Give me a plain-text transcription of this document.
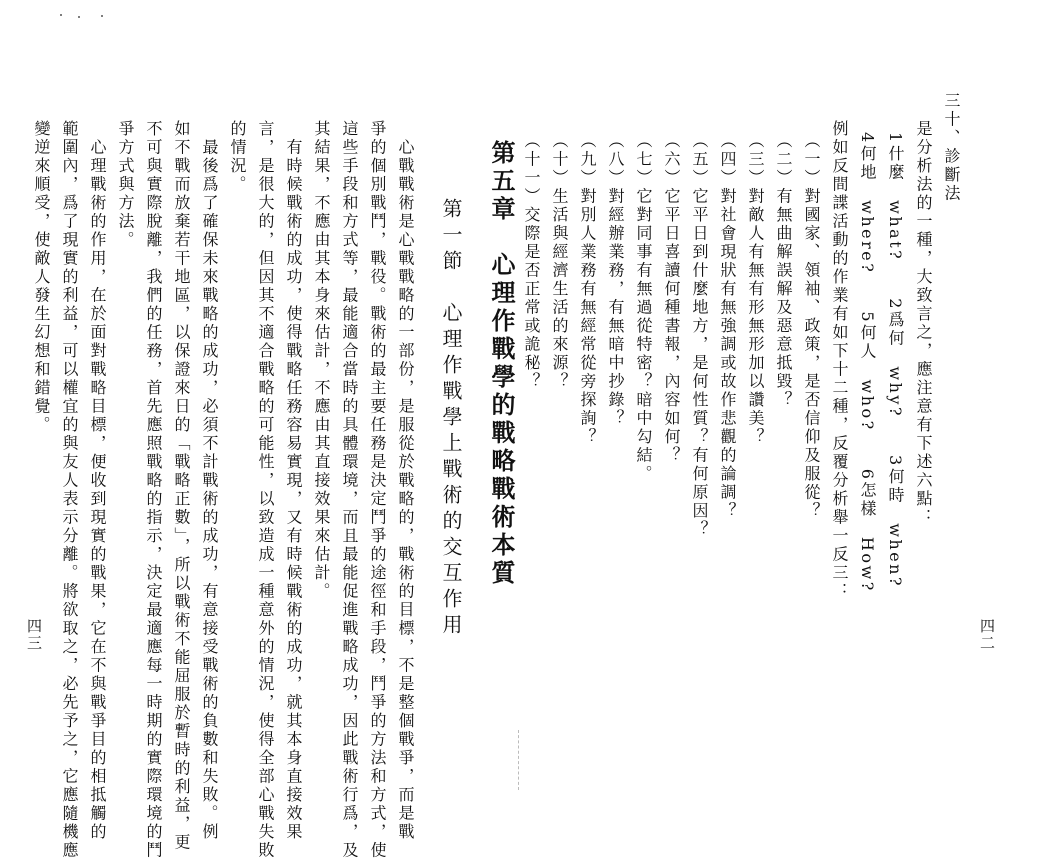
三十、診斷法
是分析法的一種，大致言之，應注意有下述六點：
1什麼　what?　　2爲何　why?　　3何時　when?
4何地　where?　　5何人　who?　　6怎樣　How?
例如反間諜活動的作業有如下十二種，反覆分析舉一反三：
（一）對國家、領袖、政策，是否信仰及服從？
（二）有無曲解誤解及惡意抵毀？
（三）對敵人有無有形無形加以讚美？
（四）對社會現狀有無強調或故作悲觀的論調？
（五）它平日到什麼地方，是何性質？有何原因？
（六）它平日喜讀何種書報，內容如何？
（七）它對同事有無過從特密？暗中勾結。
（八）對經辦業務，有無暗中抄錄？
（九）對別人業務有無經常從旁探詢？
（十）生活與經濟生活的來源？
（十一）交際是否正常或詭秘？
四二
第五章　心理作戰學的戰略戰術本質
第一節　心理作戰學上戰術的交互作用
　心戰戰術是心戰戰略的一部份，是服從於戰略的，戰術的目標，不是整個戰爭，而是戰
爭的個別戰鬥，戰役。戰術的最主要任務是決定鬥爭的途徑和手段，鬥爭的方法和方式，使
這些手段和方式等，最能適合當時的具體環境，而且最能促進戰略成功，因此戰術行爲，及
其結果，不應由其本身來估計，不應由其直接效果來估計。
　有時候戰術的成功，使得戰略任務容易實現，又有時候戰術的成功，就其本身直接效果
言，是很大的，但因其不適合戰略的可能性，以致造成一種意外的情況，使得全部心戰失敗
的情況。
　最後爲了確保未來戰略的成功，必須不計戰術的成功，有意接受戰術的負數和失敗。例
如不戰而放棄若干地區，以保證來日的「戰略正數」，所以戰術不能屈服於暫時的利益，更
不可與實際脫離，我們的任務，首先應照戰略的指示，決定最適應每一時期的實際環境的鬥
爭方式與方法。
　心理戰術的作用，在於面對戰略目標，便收到現實的戰果，它在不與戰爭目的相抵觸的
範圍內，爲了現實的利益，可以權宜的與友人表示分離。將欲取之，必先予之，它應隨機應
變逆來順受，使敵人發生幻想和錯覺。
四三
